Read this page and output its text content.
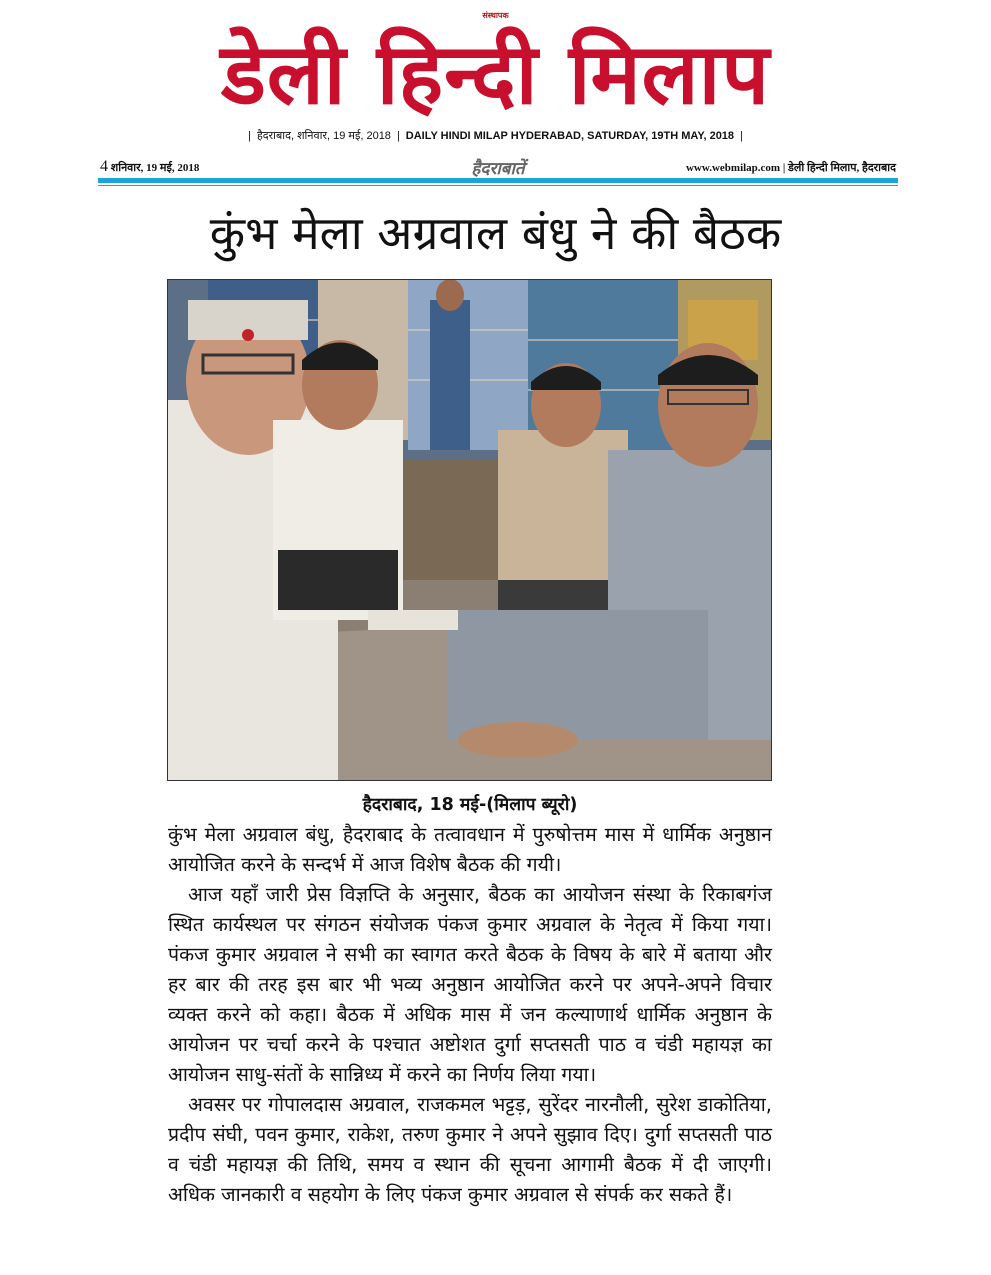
संस्थापक
डेली हिन्दी मिलाप
| हैदराबाद, शनिवार, 19 मई, 2018 | DAILY HINDI MILAP HYDERABAD, SATURDAY, 19TH MAY, 2018 |
4 शनिवार, 19 मई, 2018	हैदराबातें	www.webmilap.com | डेली हिन्दी मिलाप, हैदराबाद
कुंभ मेला अग्रवाल बंधु ने की बैठक
हैदराबाद, 18 मई-(मिलाप ब्यूरो)

कुंभ मेला अग्रवाल बंधु, हैदराबाद के तत्वावधान में पुरुषोत्तम मास में धार्मिक अनुष्ठान आयोजित करने के सन्दर्भ में आज विशेष बैठक की गयी।

आज यहाँ जारी प्रेस विज्ञप्ति के अनुसार, बैठक का आयोजन संस्था के रिकाबगंज स्थित कार्यस्थल पर संगठन संयोजक पंकज कुमार अग्रवाल के नेतृत्व में किया गया। पंकज कुमार अग्रवाल ने सभी का स्वागत करते बैठक के विषय के बारे में बताया और हर बार की तरह इस बार भी भव्य अनुष्ठान आयोजित करने पर अपने-अपने विचार व्यक्त करने को कहा। बैठक में अधिक मास में जन कल्याणार्थ धार्मिक अनुष्ठान के आयोजन पर चर्चा करने के पश्चात अष्टोशत दुर्गा सप्तसती पाठ व चंडी महायज्ञ का आयोजन साधु-संतों के सान्निध्य में करने का निर्णय लिया गया।

अवसर पर गोपालदास अग्रवाल, राजकमल भट्टड़, सुरेंदर नारनौली, सुरेश डाकोतिया, प्रदीप संघी, पवन कुमार, राकेश, तरुण कुमार ने अपने सुझाव दिए। दुर्गा सप्तसती पाठ व चंडी महायज्ञ की तिथि, समय व स्थान की सूचना आगामी बैठक में दी जाएगी। अधिक जानकारी व सहयोग के लिए पंकज कुमार अग्रवाल से संपर्क कर सकते हैं।
